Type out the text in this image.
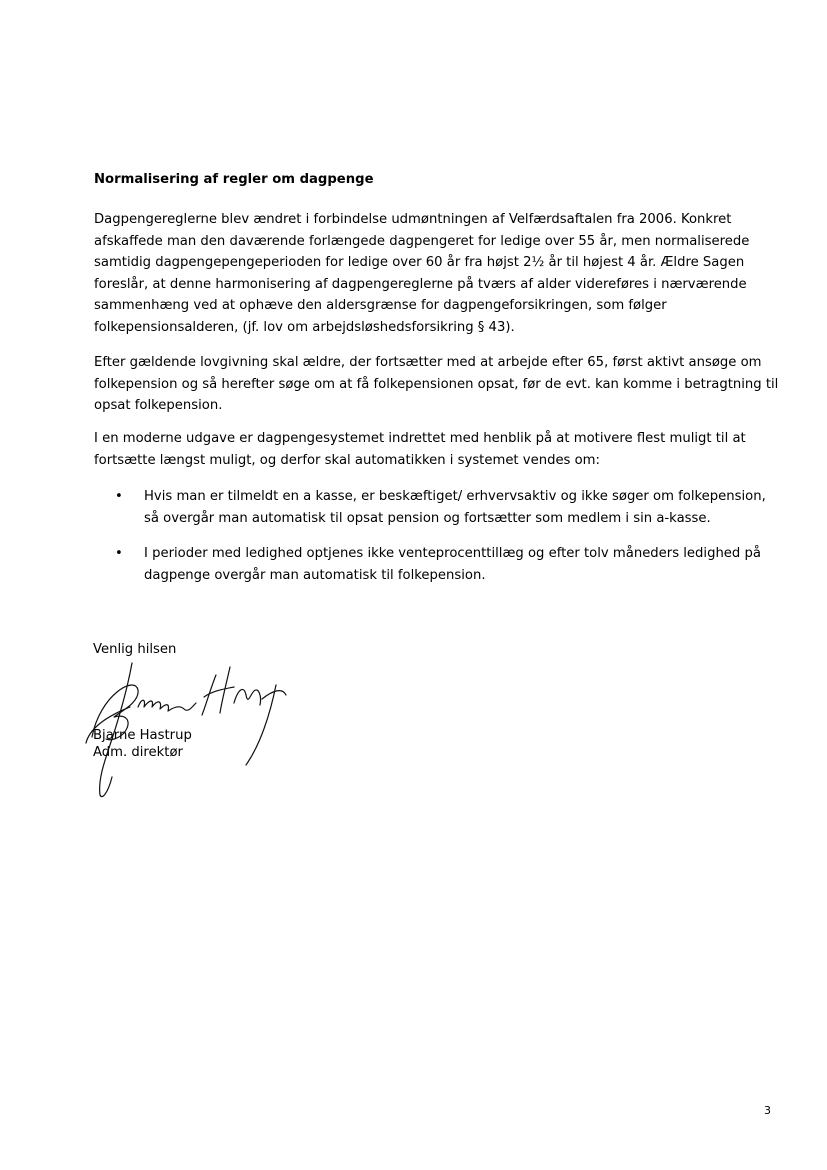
Normalisering af regler om dagpenge

Dagpengereglerne blev ændret i forbindelse udmøntningen af Velfærdsaftalen fra 2006. Konkret afskaffede man den daværende forlængede dagpengeret for ledige over 55 år, men normaliserede samtidig dagpengepengeperioden for ledige over 60 år fra højst 2½ år til højest 4 år. Ældre Sagen foreslår, at denne harmonisering af dagpengereglerne på tværs af alder videreføres i nærværende sammenhæng ved at ophæve den aldersgrænse for dagpengeforsikringen, som følger folkepensionsalderen, (jf. lov om arbejdsløshedsforsikring § 43).

Efter gældende lovgivning skal ældre, der fortsætter med at arbejde efter 65, først aktivt ansøge om folkepension og så herefter søge om at få folkepensionen opsat, før de evt. kan komme i betragtning til opsat folkepension.

I en moderne udgave er dagpengesystemet indrettet med henblik på at motivere flest muligt til at fortsætte længst muligt, og derfor skal automatikken i systemet vendes om:

• Hvis man er tilmeldt en a kasse, er beskæftiget/ erhvervsaktiv og ikke søger om folkepension, så overgår man automatisk til opsat pension og fortsætter som medlem i sin a-kasse.
• I perioder med ledighed optjenes ikke venteprocenttillæg og efter tolv måneders ledighed på dagpenge overgår man automatisk til folkepension.

Venlig hilsen

Bjarne Hastrup

Adm. direktør

3
